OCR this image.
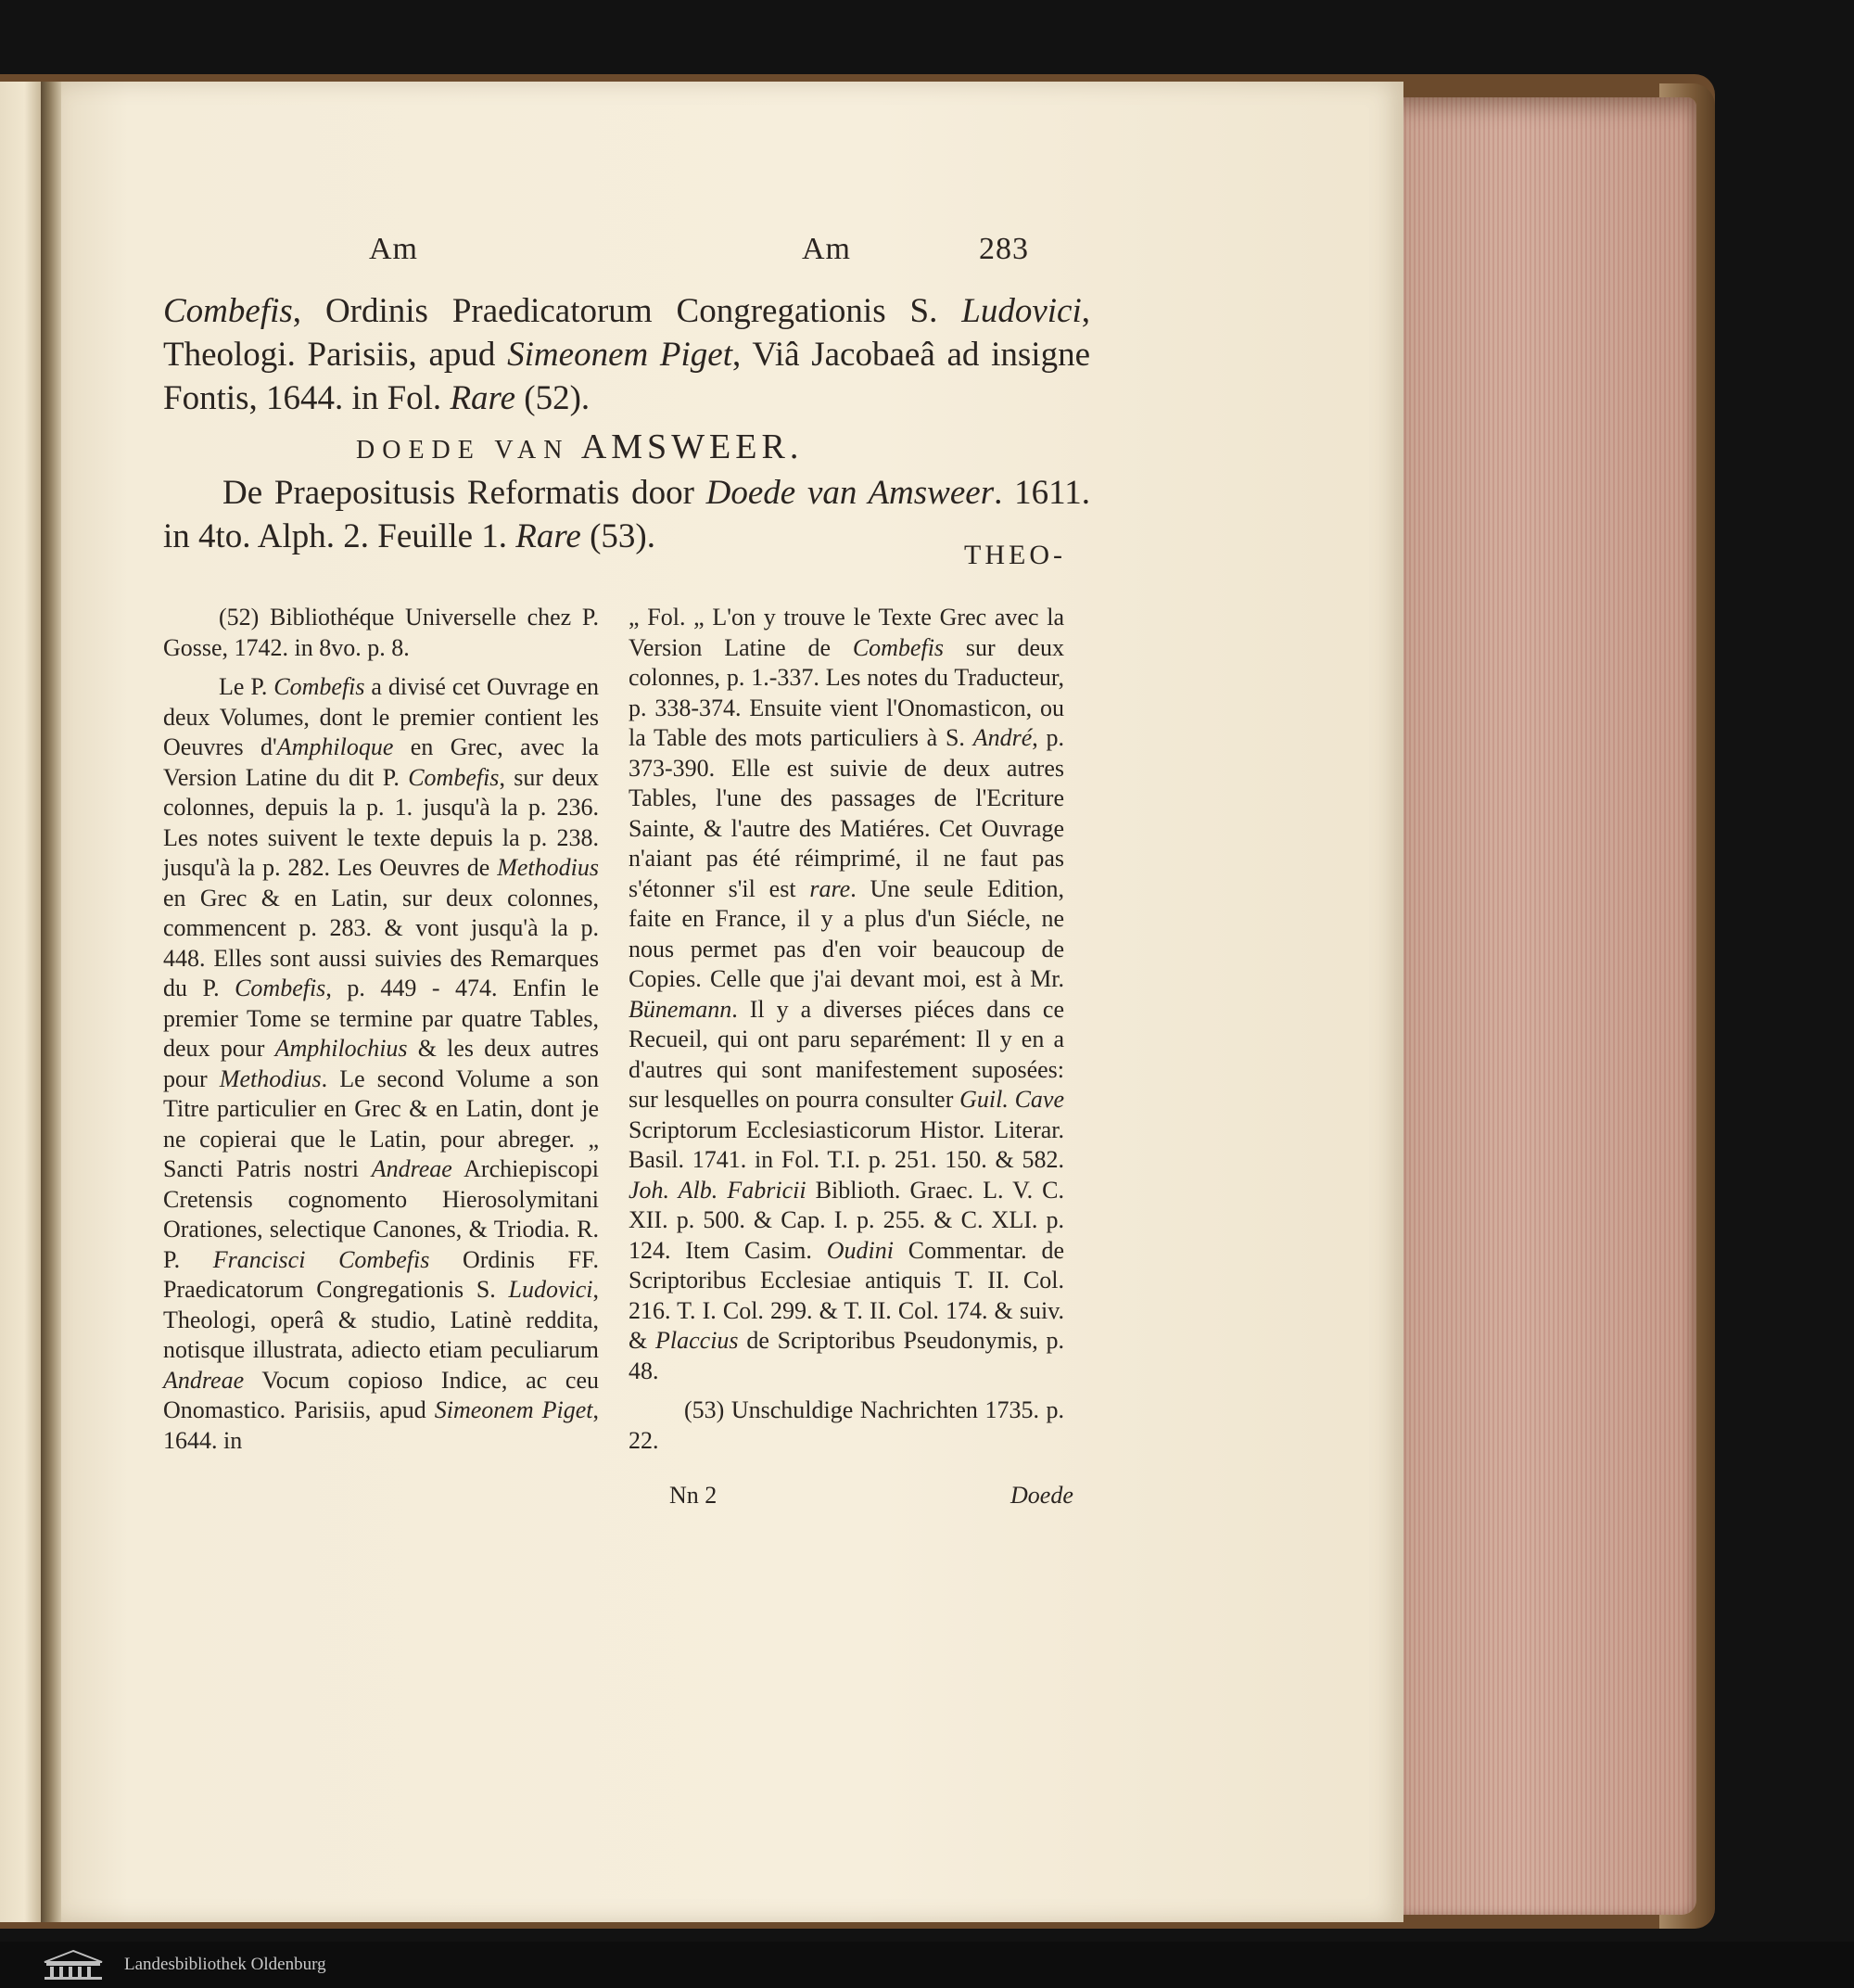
Am	Am	283

Combefis, Ordinis Praedicatorum Congregationis S. Ludovici, Theologi. Parisiis, apud Simeonem Piget, Viâ Jacobaeâ ad insigne Fontis, 1644. in Fol. Rare (52).

DOEDE VAN AMSWEER.
De Praepositusis Reformatis door Doede van Amsweer. 1611. in 4to. Alph. 2. Feuille 1. Rare (53).	THEO-

(52) Bibliothéque Universelle chez P. Gosse, 1742. in 8vo. p. 8.

Le P. Combefis a divisé cet Ouvrage en deux Volumes, dont le premier contient les Oeuvres d'Amphiloque en Grec, avec la Version Latine du dit P. Combefis, sur deux colonnes, depuis la p. 1. jusqu'à la p. 236. Les notes suivent le texte depuis la p. 238. jusqu'à la p. 282. Les Oeuvres de Methodius en Grec & en Latin, sur deux colonnes, commencent p. 283. & vont jusqu'à la p. 448. Elles sont aussi suivies des Remarques du P. Combefis, p. 449 - 474. Enfin le premier Tome se termine par quatre Tables, deux pour Amphilochius & les deux autres pour Methodius. Le second Volume a son Titre particulier en Grec & en Latin, dont je ne copierai que le Latin, pour abreger. „ Sancti Patris nostri Andreae Archiepiscopi Cretensis cognomento Hierosolymitani Orationes, selectique Canones, & Triodia. R. P. Francisci Combefis Ordinis FF. Praedicatorum Congregationis S. Ludovici, Theologi, operâ & studio, Latinè reddita, notisque illustrata, adiecto etiam peculiarum Andreae Vocum copioso Indice, ac ceu Onomastico. Parisiis, apud Simeonem Piget, 1644. in

„ Fol. „ L'on y trouve le Texte Grec avec la Version Latine de Combefis sur deux colonnes, p. 1.-337. Les notes du Traducteur, p. 338-374. Ensuite vient l'Onomasticon, ou la Table des mots particuliers à S. André, p. 373-390. Elle est suivie de deux autres Tables, l'une des passages de l'Ecriture Sainte, & l'autre des Matiéres. Cet Ouvrage n'aiant pas été réimprimé, il ne faut pas s'étonner s'il est rare. Une seule Edition, faite en France, il y a plus d'un Siécle, ne nous permet pas d'en voir beaucoup de Copies. Celle que j'ai devant moi, est à Mr. Bünemann. Il y a diverses piéces dans ce Recueil, qui ont paru separément: Il y en a d'autres qui sont manifestement suposées: sur lesquelles on pourra consulter Guil. Cave Scriptorum Ecclesiasticorum Histor. Literar. Basil. 1741. in Fol. T.I. p. 251. 150. & 582. Joh. Alb. Fabricii Biblioth. Graec. L. V. C. XII. p. 500. & Cap. I. p. 255. & C. XLI. p. 124. Item Casim. Oudini Commentar. de Scriptoribus Ecclesiae antiquis T. II. Col. 216. T. I. Col. 299. & T. II. Col. 174. & suiv. & Placcius de Scriptoribus Pseudonymis, p. 48.

(53) Unschuldige Nachrichten 1735. p. 22.

Nn 2	Doede
Landesbibliothek Oldenburg
